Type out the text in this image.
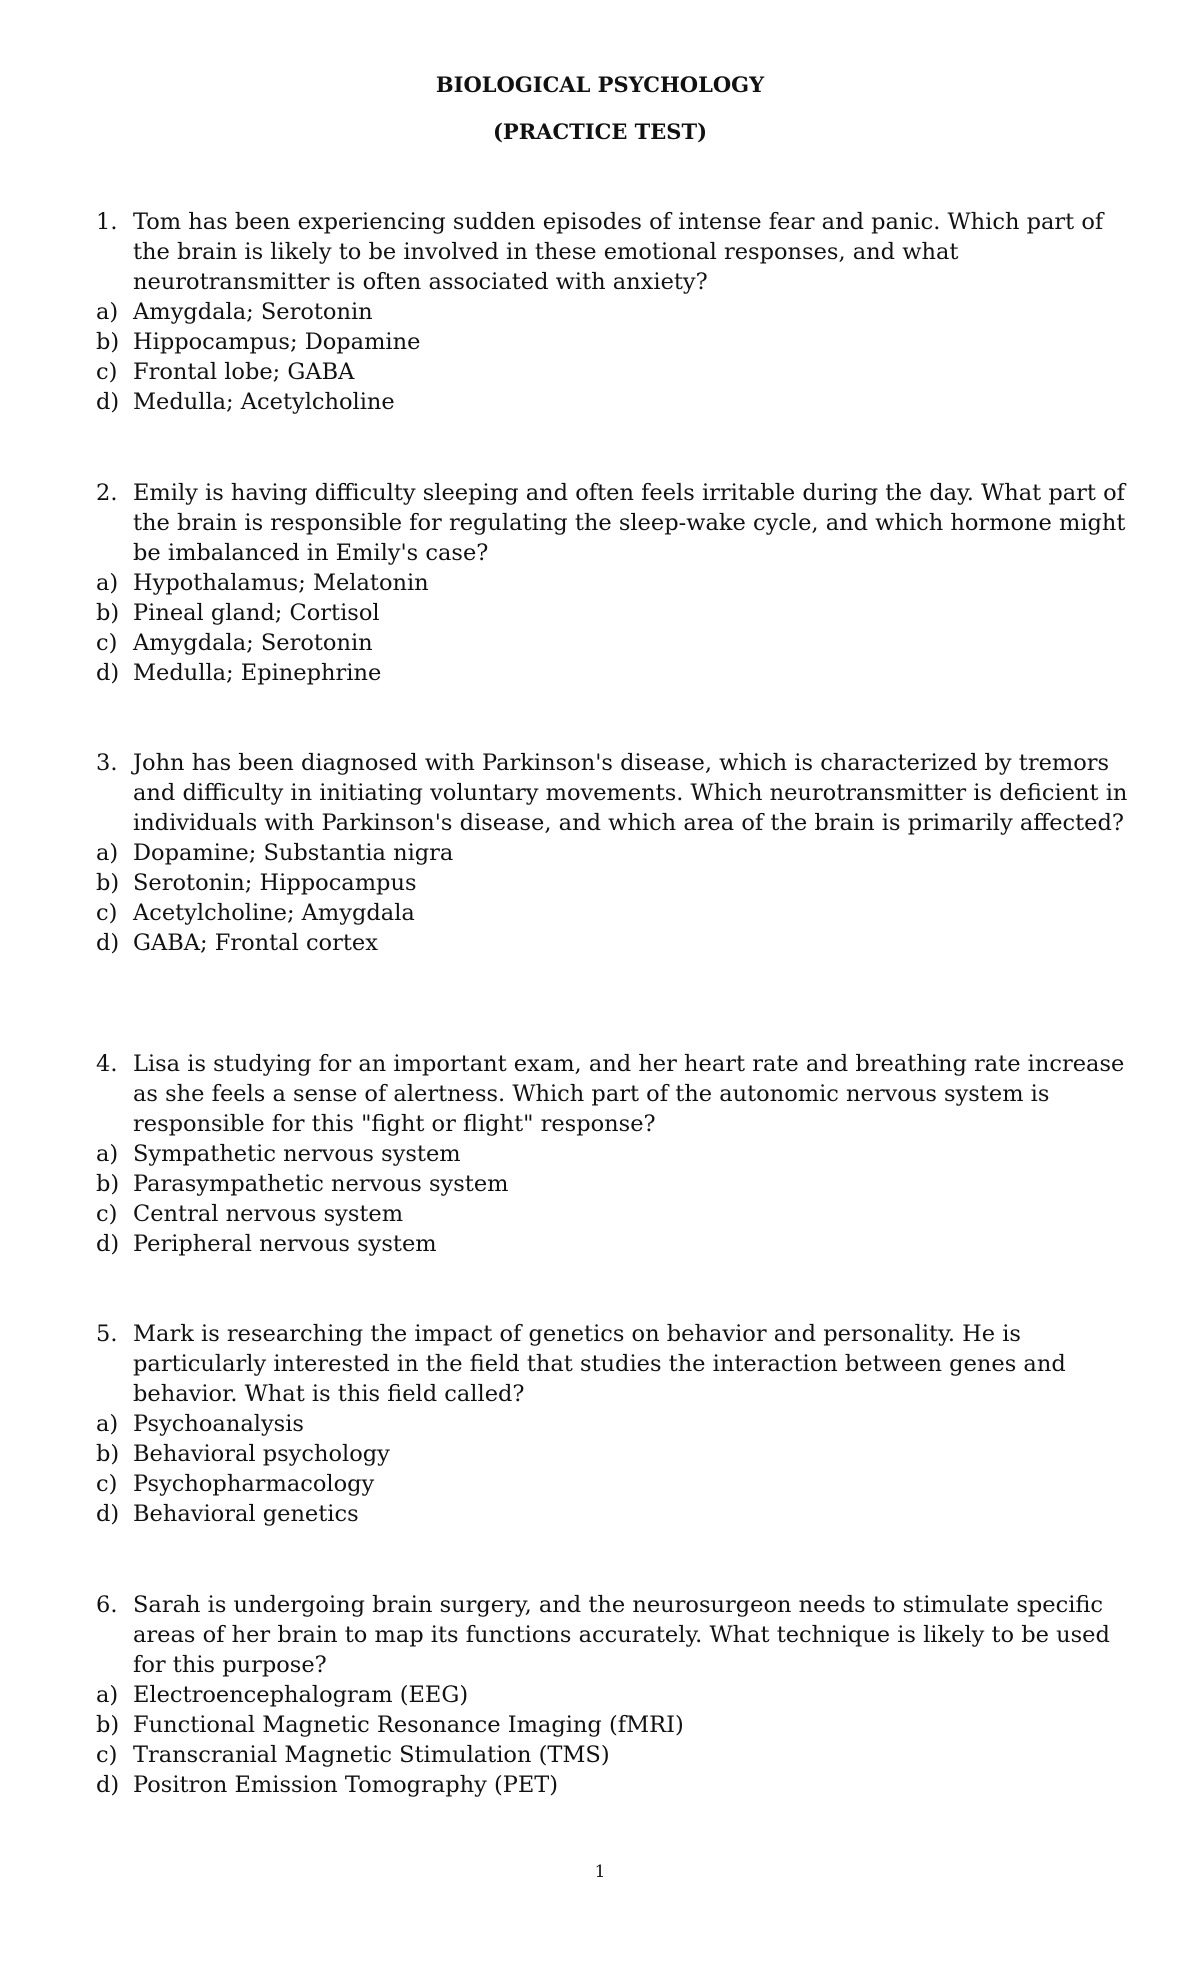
BIOLOGICAL PSYCHOLOGY
(PRACTICE TEST)
1. Tom has been experiencing sudden episodes of intense fear and panic. Which part of the brain is likely to be involved in these emotional responses, and what neurotransmitter is often associated with anxiety?
a) Amygdala; Serotonin
b) Hippocampus; Dopamine
c) Frontal lobe; GABA
d) Medulla; Acetylcholine
2. Emily is having difficulty sleeping and often feels irritable during the day. What part of the brain is responsible for regulating the sleep-wake cycle, and which hormone might be imbalanced in Emily's case?
a) Hypothalamus; Melatonin
b) Pineal gland; Cortisol
c) Amygdala; Serotonin
d) Medulla; Epinephrine
3. John has been diagnosed with Parkinson's disease, which is characterized by tremors and difficulty in initiating voluntary movements. Which neurotransmitter is deficient in individuals with Parkinson's disease, and which area of the brain is primarily affected?
a) Dopamine; Substantia nigra
b) Serotonin; Hippocampus
c) Acetylcholine; Amygdala
d) GABA; Frontal cortex
4. Lisa is studying for an important exam, and her heart rate and breathing rate increase as she feels a sense of alertness. Which part of the autonomic nervous system is responsible for this "fight or flight" response?
a) Sympathetic nervous system
b) Parasympathetic nervous system
c) Central nervous system
d) Peripheral nervous system
5. Mark is researching the impact of genetics on behavior and personality. He is particularly interested in the field that studies the interaction between genes and behavior. What is this field called?
a) Psychoanalysis
b) Behavioral psychology
c) Psychopharmacology
d) Behavioral genetics
6. Sarah is undergoing brain surgery, and the neurosurgeon needs to stimulate specific areas of her brain to map its functions accurately. What technique is likely to be used for this purpose?
a) Electroencephalogram (EEG)
b) Functional Magnetic Resonance Imaging (fMRI)
c) Transcranial Magnetic Stimulation (TMS)
d) Positron Emission Tomography (PET)
1
